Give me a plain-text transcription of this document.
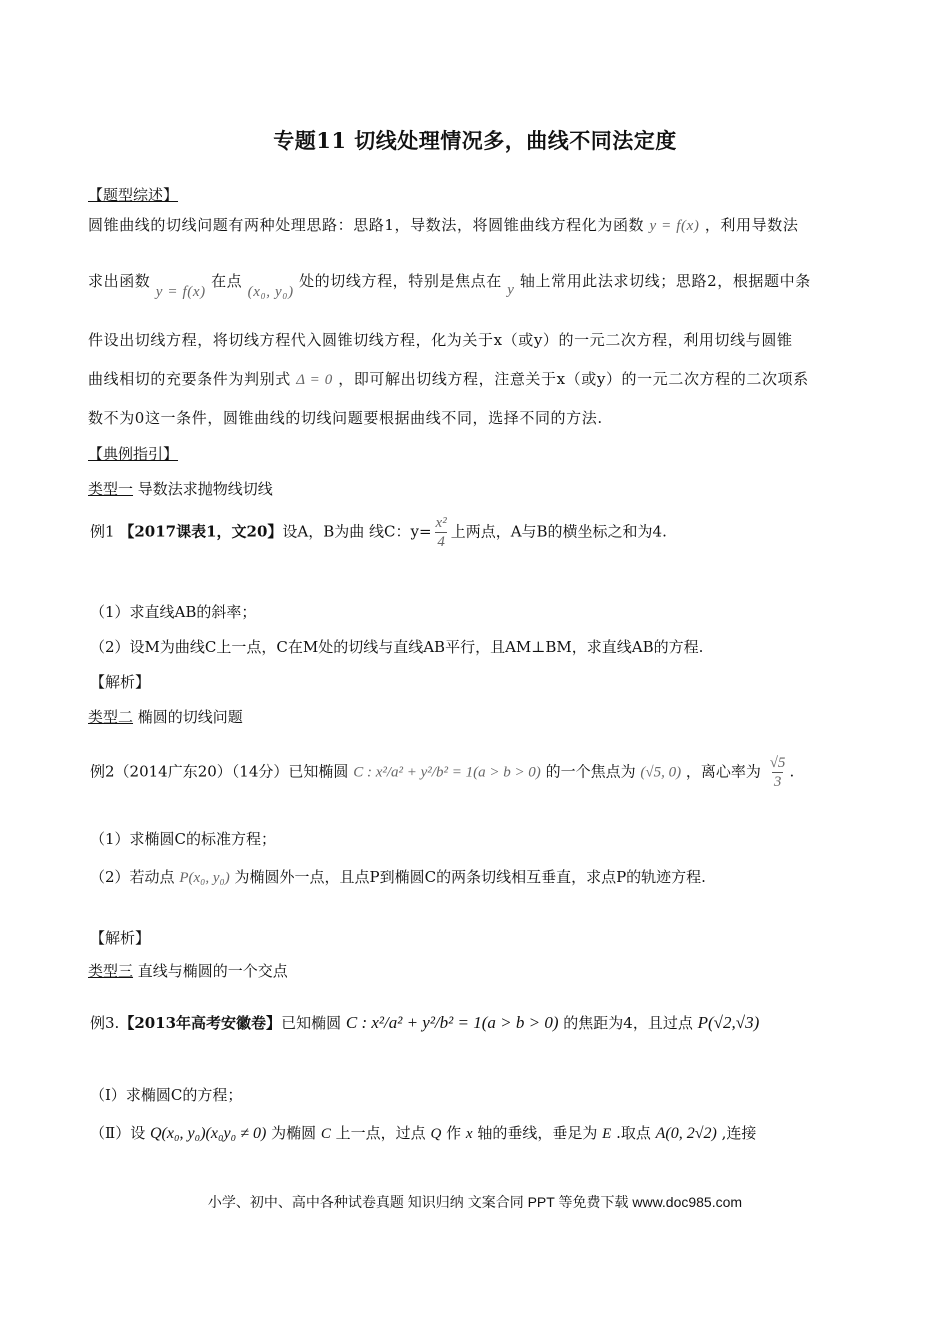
专题11 切线处理情况多，曲线不同法定度
【题型综述】
圆锥曲线的切线问题有两种处理思路：思路1，导数法，将圆锥曲线方程化为函数 y = f(x) ，利用导数法
求出函数 y = f(x) 在点 (x₀, y₀) 处的切线方程，特别是焦点在 y 轴上常用此法求切线；思路2，根据题中条
件设出切线方程，将切线方程代入圆锥切线方程，化为关于x（或y）的一元二次方程，利用切线与圆锥
曲线相切的充要条件为判别式 Δ = 0 ，即可解出切线方程，注意关于x（或y）的一元二次方程的二次项系
数不为0这一条件，圆锥曲线的切线问题要根据曲线不同，选择不同的方法.
【典例指引】
类型一 导数法求抛物线切线
例1 【2017课表1，文20】设A，B为曲 线C：$y= \frac{\text{x²}}{4}$ 上两点，A与B的横坐标之和为4.
（1）求直线AB的斜率；
（2）设M为曲线C上一点，C在M处的切线与直线AB平行，且AM⊥BM，求直线AB的方程.
【解析】
类型二 椭圆的切线问题
例2（2014广东20）（14分）已知椭圆 C : x²/a² + y²/b² = 1(a > b > 0) 的一个焦点为 (√5, 0) ，离心率为 $\frac{√5}{3}$ .
（1）求椭圆C的标准方程；
（2）若动点 P(x₀, y₀) 为椭圆外一点，且点P到椭圆C的两条切线相互垂直，求点P的轨迹方程.
【解析】
类型三 直线与椭圆的一个交点
例3.【2013年高考安徽卷】已知椭圆 C : x²/a² + y²/b² = 1(a > b > 0) 的焦距为4，且过点 P(√2,√3)
（Ⅰ）求椭圆C的方程；
（Ⅱ）设 Q(x₀, y₀)(x₀y₀ ≠ 0) 为椭圆 C 上一点，过点 Q 作 x 轴的垂线，垂足为 E .取点 A(0, 2√2) ,连接
小学、初中、高中各种试卷真题 知识归纳 文案合同 PPT 等免费下载 www.doc985.com
